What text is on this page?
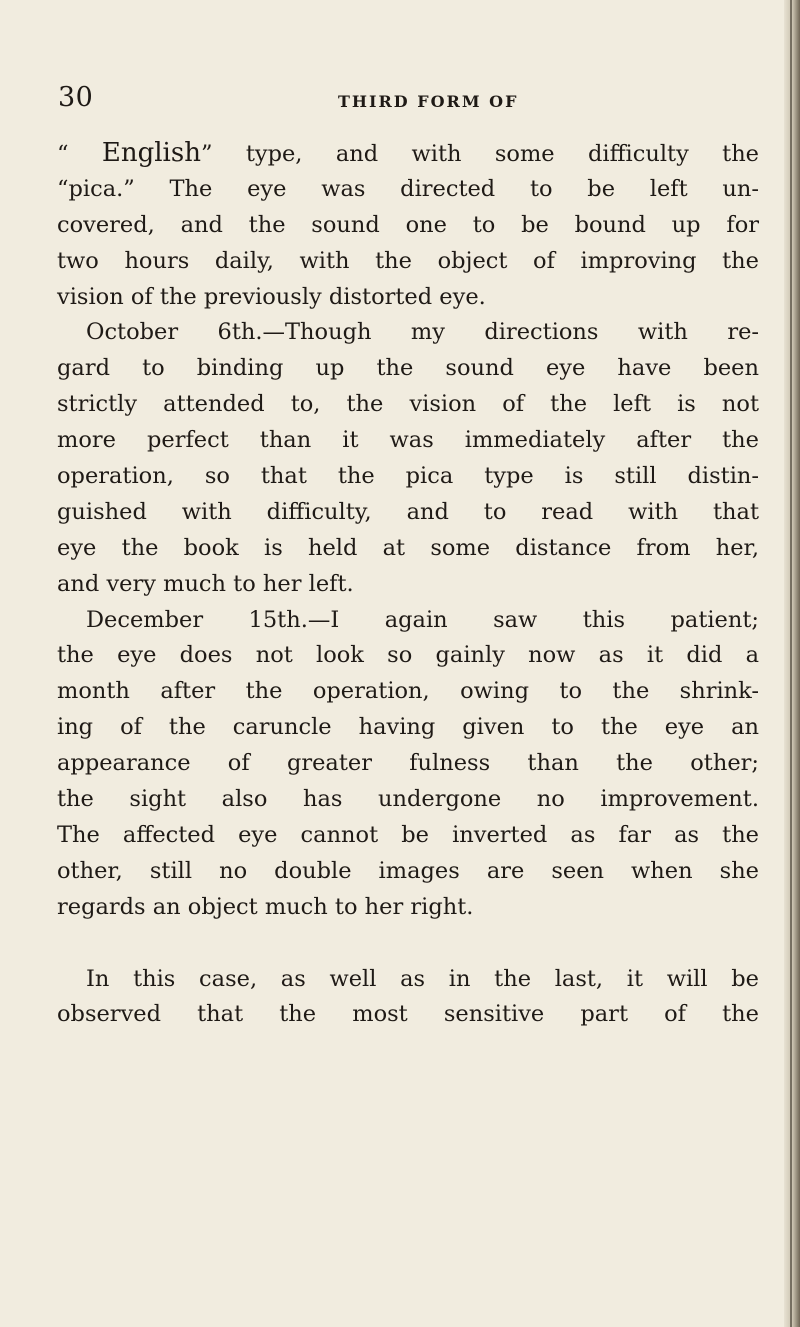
30	THIRD FORM OF
“ English” type, and with some difficulty the
“pica.” The eye was directed to be left un-
covered, and the sound one to be bound up for
two hours daily, with the object of improving the
vision of the previously distorted eye.
October 6th.—Though my directions with re-
gard to binding up the sound eye have been
strictly attended to, the vision of the left is not
more perfect than it was immediately after the
operation, so that the pica type is still distin-
guished with difficulty, and to read with that
eye the book is held at some distance from her,
and very much to her left.
December 15th.—I again saw this patient;
the eye does not look so gainly now as it did a
month after the operation, owing to the shrink-
ing of the caruncle having given to the eye an
appearance of greater fulness than the other;
the sight also has undergone no improvement.
The affected eye cannot be inverted as far as the
other, still no double images are seen when she
regards an object much to her right.
In this case, as well as in the last, it will be
observed that the most sensitive part of the
